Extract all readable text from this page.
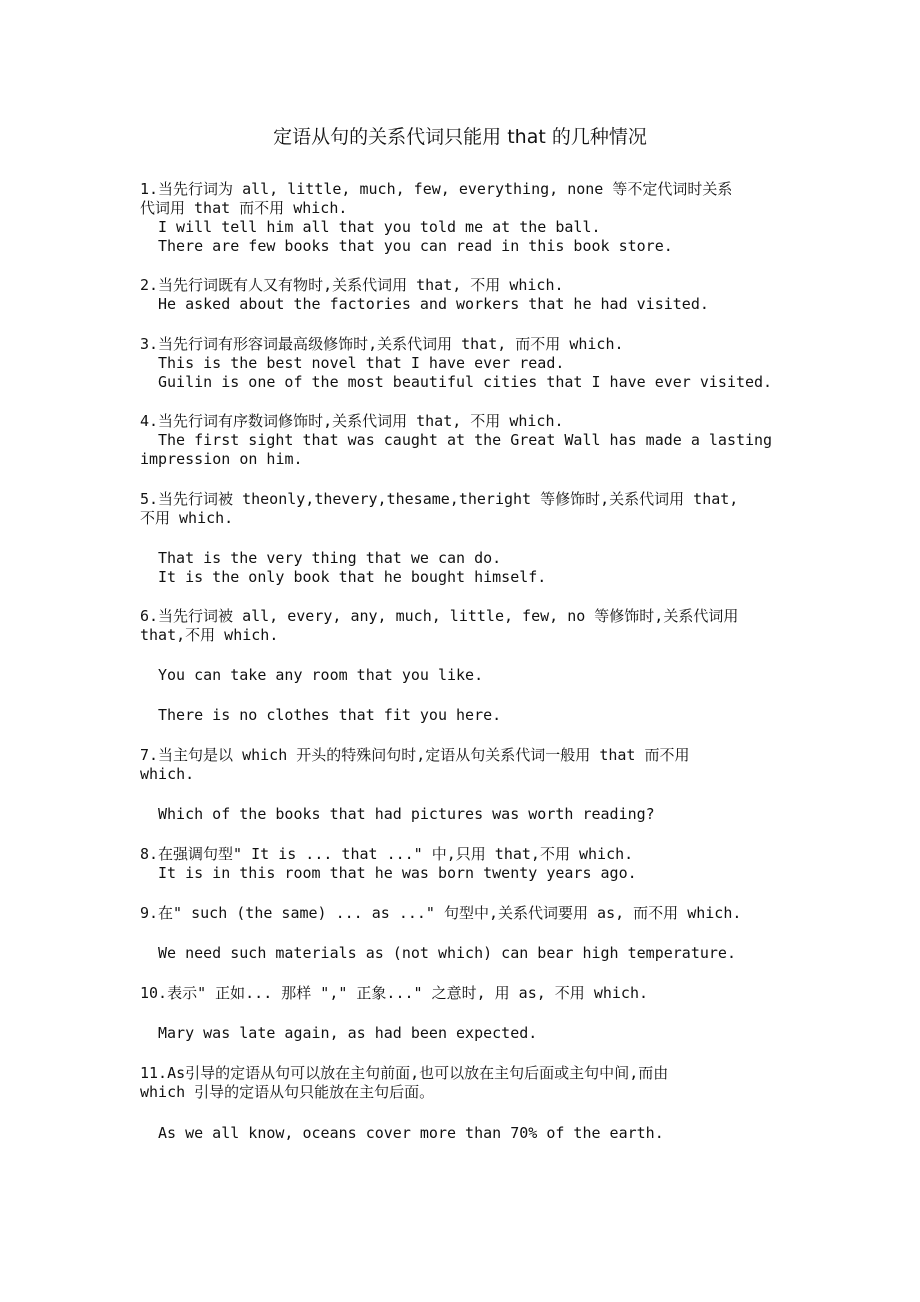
定语从句的关系代词只能用 that 的几种情况
1.当先行词为 all, little, much, few, everything, none 等不定代词时关系
代词用 that 而不用 which.
I will tell him all that you told me at the ball.
There are few books that you can read in this book store.
2.当先行词既有人又有物时,关系代词用 that, 不用 which.
He asked about the factories and workers that he had visited.
3.当先行词有形容词最高级修饰时,关系代词用 that, 而不用 which.
This is the best novel that I have ever read.
Guilin is one of the most beautiful cities that I have ever visited.
4.当先行词有序数词修饰时,关系代词用 that, 不用 which.
The first sight that was caught at the Great Wall has made a lasting
impression on him.
5.当先行词被 theonly,thevery,thesame,theright 等修饰时,关系代词用 that,
不用 which.
That is the very thing that we can do.
It is the only book that he bought himself.
6.当先行词被 all, every, any, much, little, few, no 等修饰时,关系代词用
that,不用 which.
You can take any room that you like.
There is no clothes that fit you here.
7.当主句是以 which 开头的特殊问句时,定语从句关系代词一般用 that 而不用
which.
Which of the books that had pictures was worth reading?
8.在强调句型" It is ... that ..." 中,只用 that,不用 which.
It is in this room that he was born twenty years ago.
9.在" such (the same) ... as ..." 句型中,关系代词要用 as, 而不用 which.
We need such materials as (not which) can bear high temperature.
10.表示" 正如... 那样 "," 正象..." 之意时, 用 as, 不用 which.
Mary was late again, as had been expected.
11.As引导的定语从句可以放在主句前面,也可以放在主句后面或主句中间,而由
which 引导的定语从句只能放在主句后面。
As we all know, oceans cover more than 70% of the earth.
